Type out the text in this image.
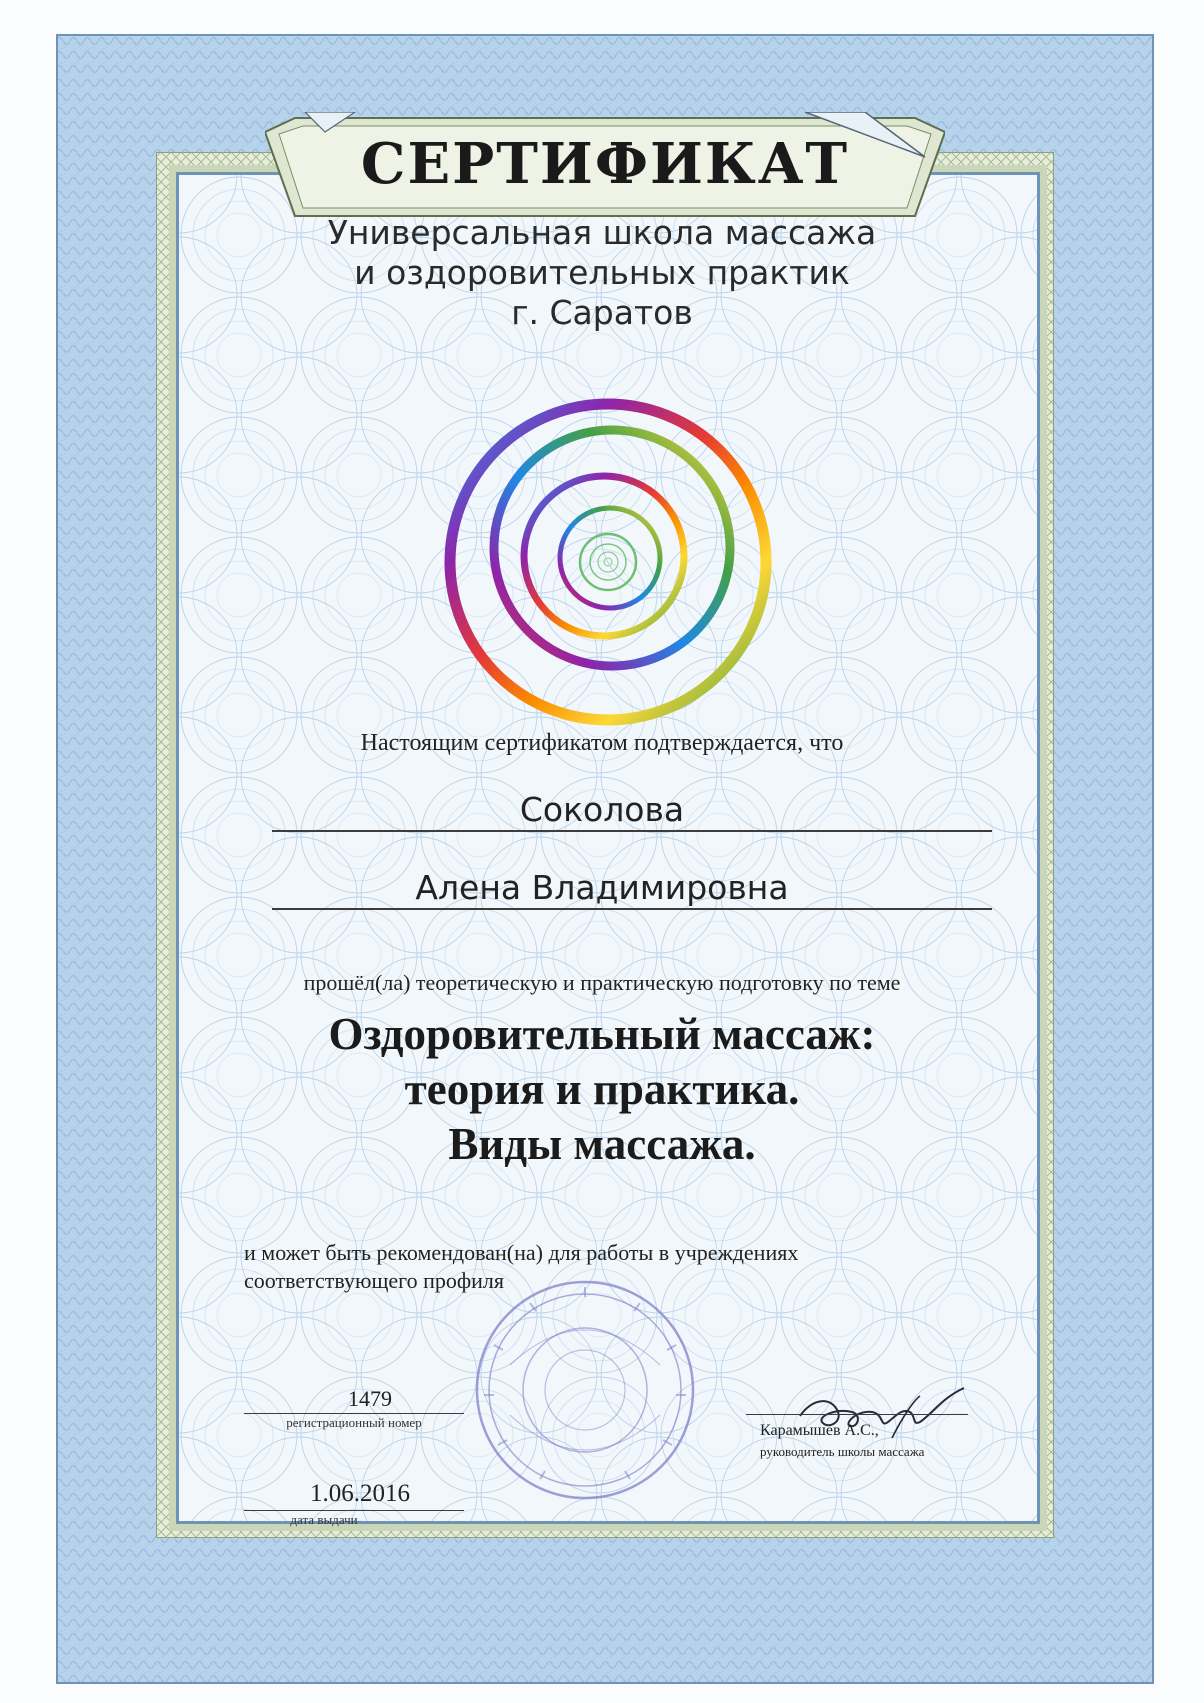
СЕРТИФИКАТ
Универсальная школа массажа
и оздоровительных практик
г. Саратов
Настоящим сертификатом подтверждается, что
Соколова
Алена Владимировна
прошёл(ла) теоретическую и практическую подготовку по теме
Оздоровительный массаж:
теория и практика.
Виды массажа.
и может быть рекомендован(на) для работы в учреждениях
соответствующего профиля
1479
регистрационный номер
1.06.2016
дата выдачи
Карамышев А.С.,
руководитель школы массажа
